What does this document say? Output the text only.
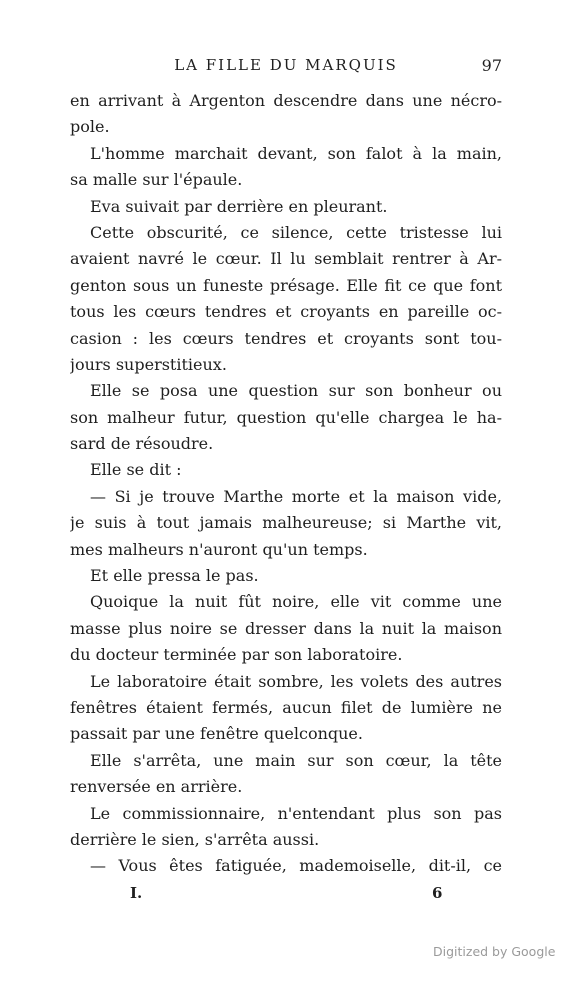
LA FILLE DU MARQUIS	97
en arrivant à Argenton descendre dans une nécro-
pole.
L'homme marchait devant, son falot à la main,
sa malle sur l'épaule.
Eva suivait par derrière en pleurant.
Cette obscurité, ce silence, cette tristesse lui
avaient navré le cœur. Il lu semblait rentrer à Ar-
genton sous un funeste présage. Elle fit ce que font
tous les cœurs tendres et croyants en pareille oc-
casion : les cœurs tendres et croyants sont tou-
jours superstitieux.
Elle se posa une question sur son bonheur ou
son malheur futur, question qu'elle chargea le ha-
sard de résoudre.
Elle se dit :
— Si je trouve Marthe morte et la maison vide,
je suis à tout jamais malheureuse; si Marthe vit,
mes malheurs n'auront qu'un temps.
Et elle pressa le pas.
Quoique la nuit fût noire, elle vit comme une
masse plus noire se dresser dans la nuit la maison
du docteur terminée par son laboratoire.
Le laboratoire était sombre, les volets des autres
fenêtres étaient fermés, aucun filet de lumière ne
passait par une fenêtre quelconque.
Elle s'arrêta, une main sur son cœur, la tête
renversée en arrière.
Le commissionnaire, n'entendant plus son pas
derrière le sien, s'arrêta aussi.
— Vous êtes fatiguée, mademoiselle, dit-il, ce
I.	6
Digitized by Google
